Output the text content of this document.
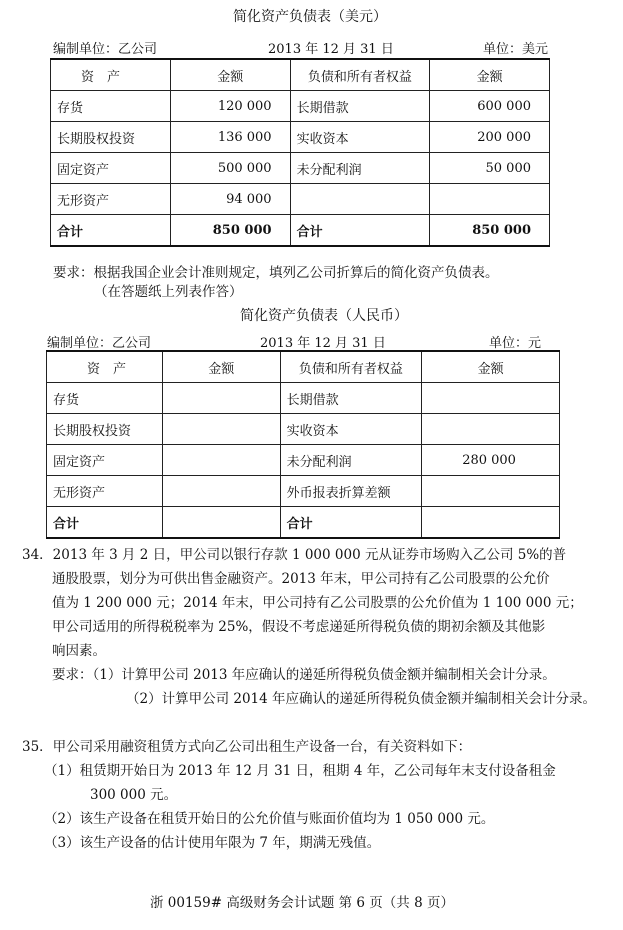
简化资产负债表（美元）
编制单位：乙公司	2013 年 12 月 31 日	单位：美元
资　产	金额	负债和所有者权益	金额
存货	120 000	长期借款	600 000
长期股权投资	136 000	实收资本	200 000
固定资产	500 000	未分配利润	50 000
无形资产	94 000		
合计	850 000	合计	850 000
要求：根据我国企业会计准则规定，填列乙公司折算后的简化资产负债表。
（在答题纸上列表作答）
简化资产负债表（人民币）
编制单位：乙公司	2013 年 12 月 31 日	单位：元
资　产	金额	负债和所有者权益	金额
存货		长期借款	
长期股权投资		实收资本	
固定资产		未分配利润	280 000
无形资产		外币报表折算差额	
合计		合计	
34．2013 年 3 月 2 日，甲公司以银行存款 1 000 000 元从证券市场购入乙公司 5%的普
通股股票，划分为可供出售金融资产。2013 年末，甲公司持有乙公司股票的公允价
值为 1 200 000 元；2014 年末，甲公司持有乙公司股票的公允价值为 1 100 000 元；
甲公司适用的所得税税率为 25%，假设不考虑递延所得税负债的期初余额及其他影
响因素。
要求：（1）计算甲公司 2013 年应确认的递延所得税负债金额并编制相关会计分录。
（2）计算甲公司 2014 年应确认的递延所得税负债金额并编制相关会计分录。
35．甲公司采用融资租赁方式向乙公司出租生产设备一台，有关资料如下：
（1）租赁期开始日为 2013 年 12 月 31 日，租期 4 年，乙公司每年末支付设备租金
300 000 元。
（2）该生产设备在租赁开始日的公允价值与账面价值均为 1 050 000 元。
（3）该生产设备的估计使用年限为 7 年，期满无残值。
浙 00159# 高级财务会计试题 第 6 页（共 8 页）
